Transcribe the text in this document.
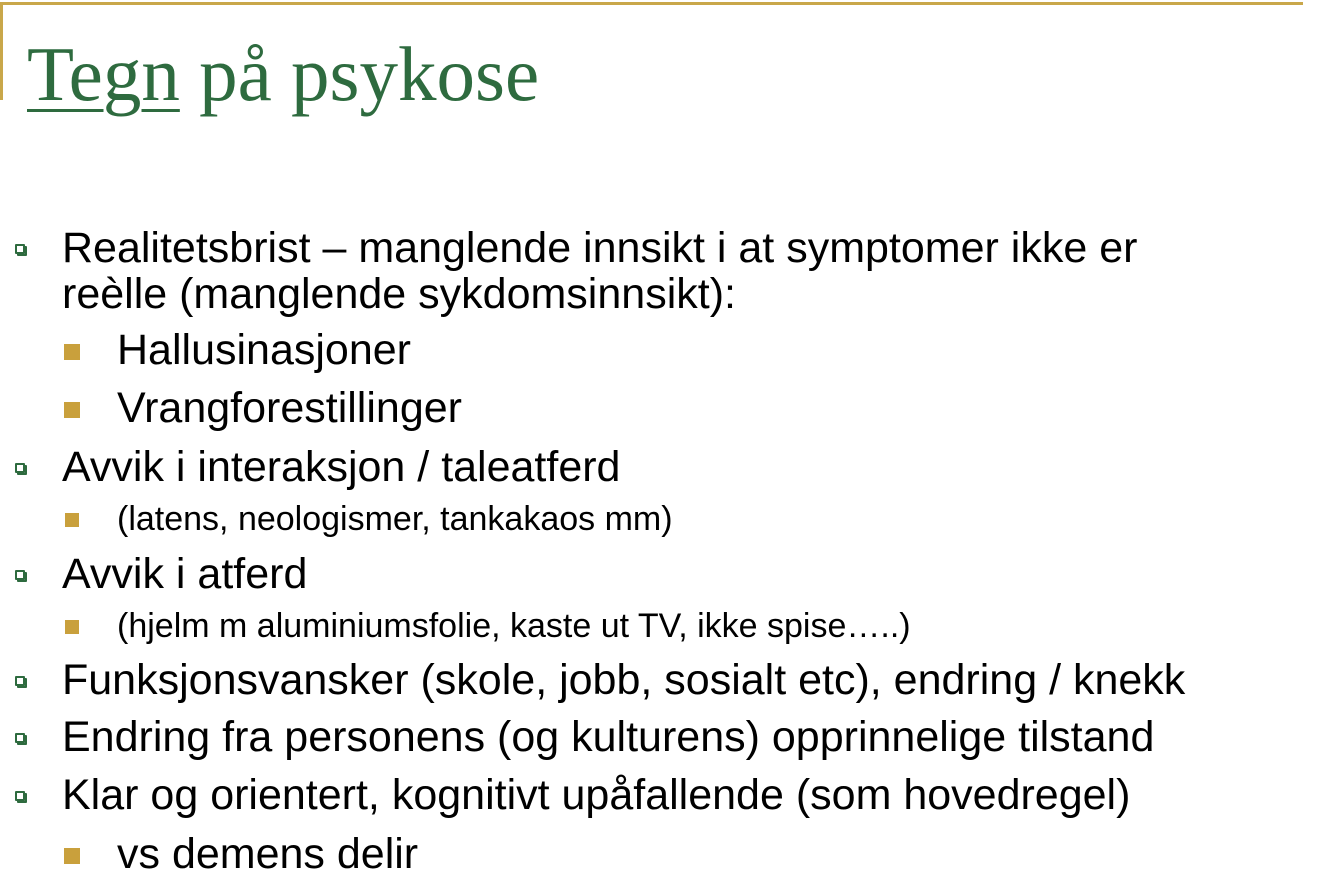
Tegn på psykose
Realitetsbrist – manglende innsikt i at symptomer ikke er
reèlle (manglende sykdomsinnsikt):
Hallusinasjoner
Vrangforestillinger
Avvik i interaksjon / taleatferd
(latens, neologismer, tankakaos mm)
Avvik i atferd
(hjelm m aluminiumsfolie, kaste ut TV, ikke spise…..)
Funksjonsvansker (skole, jobb, sosialt etc), endring / knekk
Endring fra personens (og kulturens) opprinnelige tilstand
Klar og orientert, kognitivt upåfallende (som hovedregel)
vs demens delir
